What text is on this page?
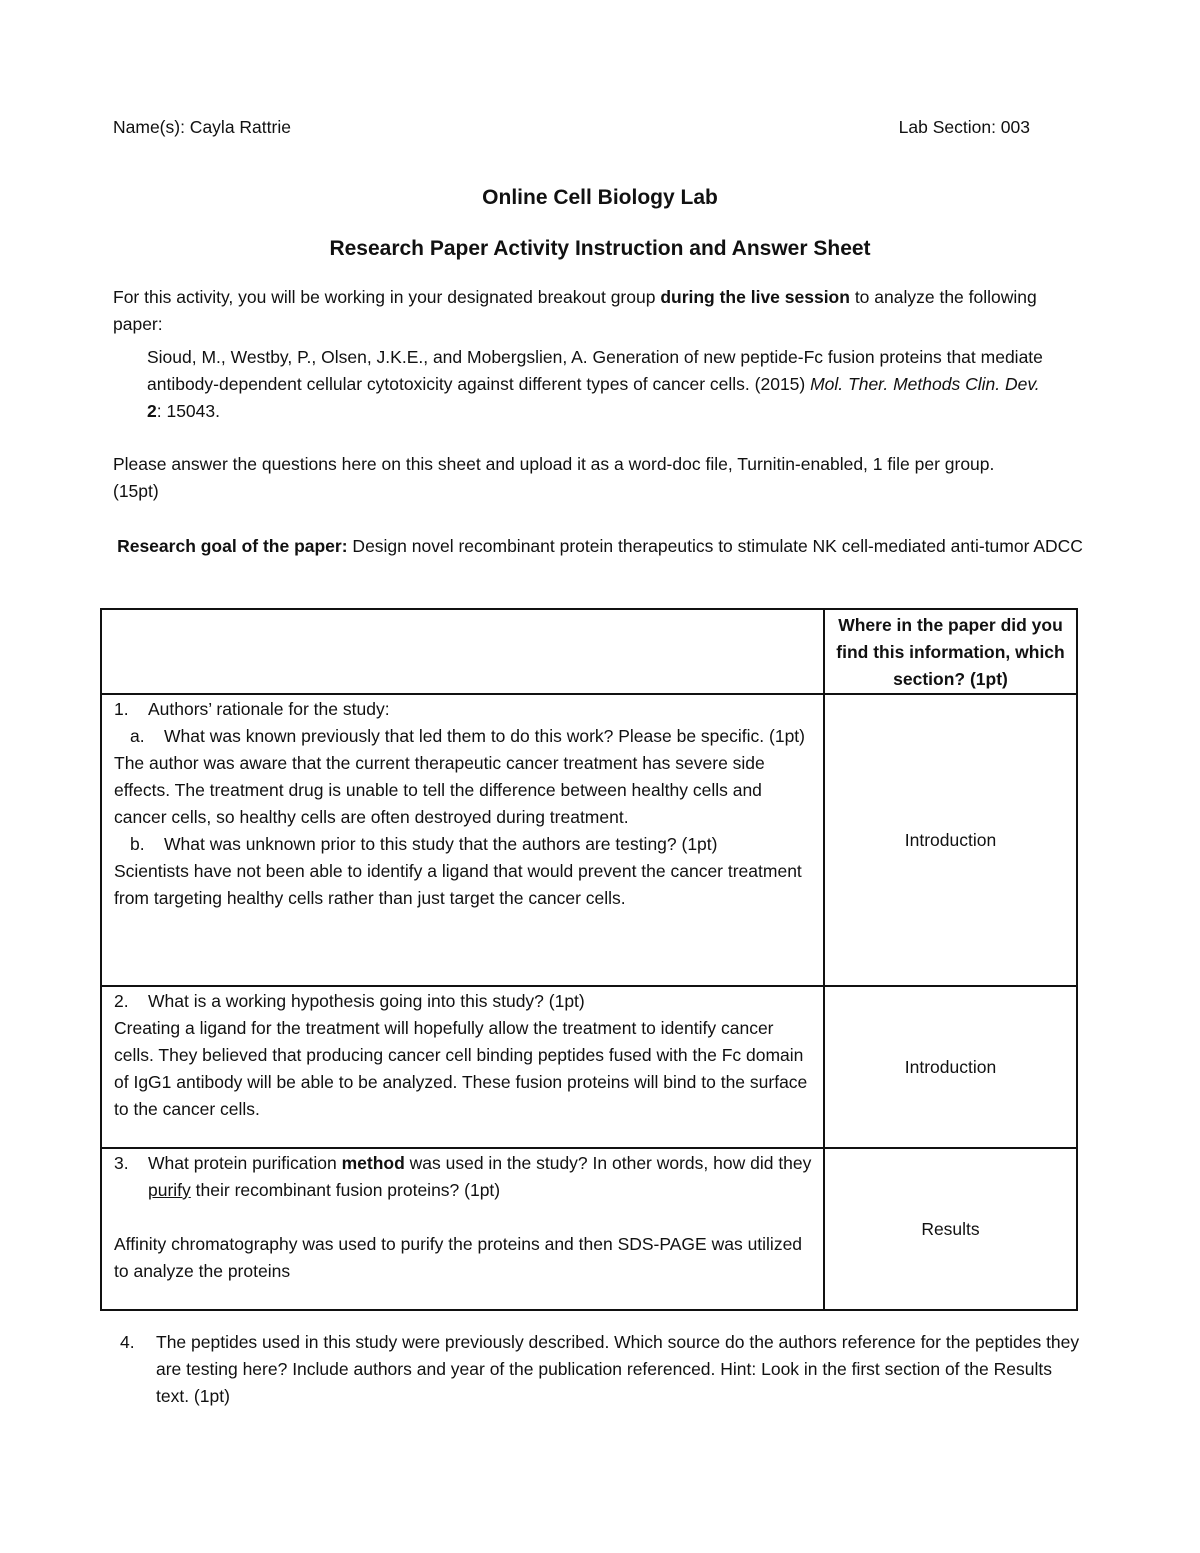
Name(s): Cayla Rattrie	Lab Section: 003
Online Cell Biology Lab
Research Paper Activity Instruction and Answer Sheet
For this activity, you will be working in your designated breakout group during the live session to analyze the following paper:
Sioud, M., Westby, P., Olsen, J.K.E., and Mobergslien, A. Generation of new peptide-Fc fusion proteins that mediate antibody-dependent cellular cytotoxicity against different types of cancer cells. (2015) Mol. Ther. Methods Clin. Dev. 2: 15043.
Please answer the questions here on this sheet and upload it as a word-doc file, Turnitin-enabled, 1 file per group. (15pt)
Research goal of the paper: Design novel recombinant protein therapeutics to stimulate NK cell-mediated anti-tumor ADCC

	Where in the paper did you find this information, which section? (1pt)

1. Authors’ rationale for the study:
a. What was known previously that led them to do this work? Please be specific. (1pt)
The author was aware that the current therapeutic cancer treatment has severe side effects. The treatment drug is unable to tell the difference between healthy cells and cancer cells, so healthy cells are often destroyed during treatment.
b. What was unknown prior to this study that the authors are testing? (1pt)
Scientists have not been able to identify a ligand that would prevent the cancer treatment from targeting healthy cells rather than just target the cancer cells.	Introduction

2. What is a working hypothesis going into this study? (1pt)
Creating a ligand for the treatment will hopefully allow the treatment to identify cancer cells. They believed that producing cancer cell binding peptides fused with the Fc domain of IgG1 antibody will be able to be analyzed. These fusion proteins will bind to the surface to the cancer cells.	Introduction

3. What protein purification method was used in the study? In other words, how did they purify their recombinant fusion proteins? (1pt)
Affinity chromatography was used to purify the proteins and then SDS-PAGE was utilized to analyze the proteins	Results
4.	The peptides used in this study were previously described. Which source do the authors reference for the peptides they are testing here? Include authors and year of the publication referenced. Hint: Look in the first section of the Results text. (1pt)
